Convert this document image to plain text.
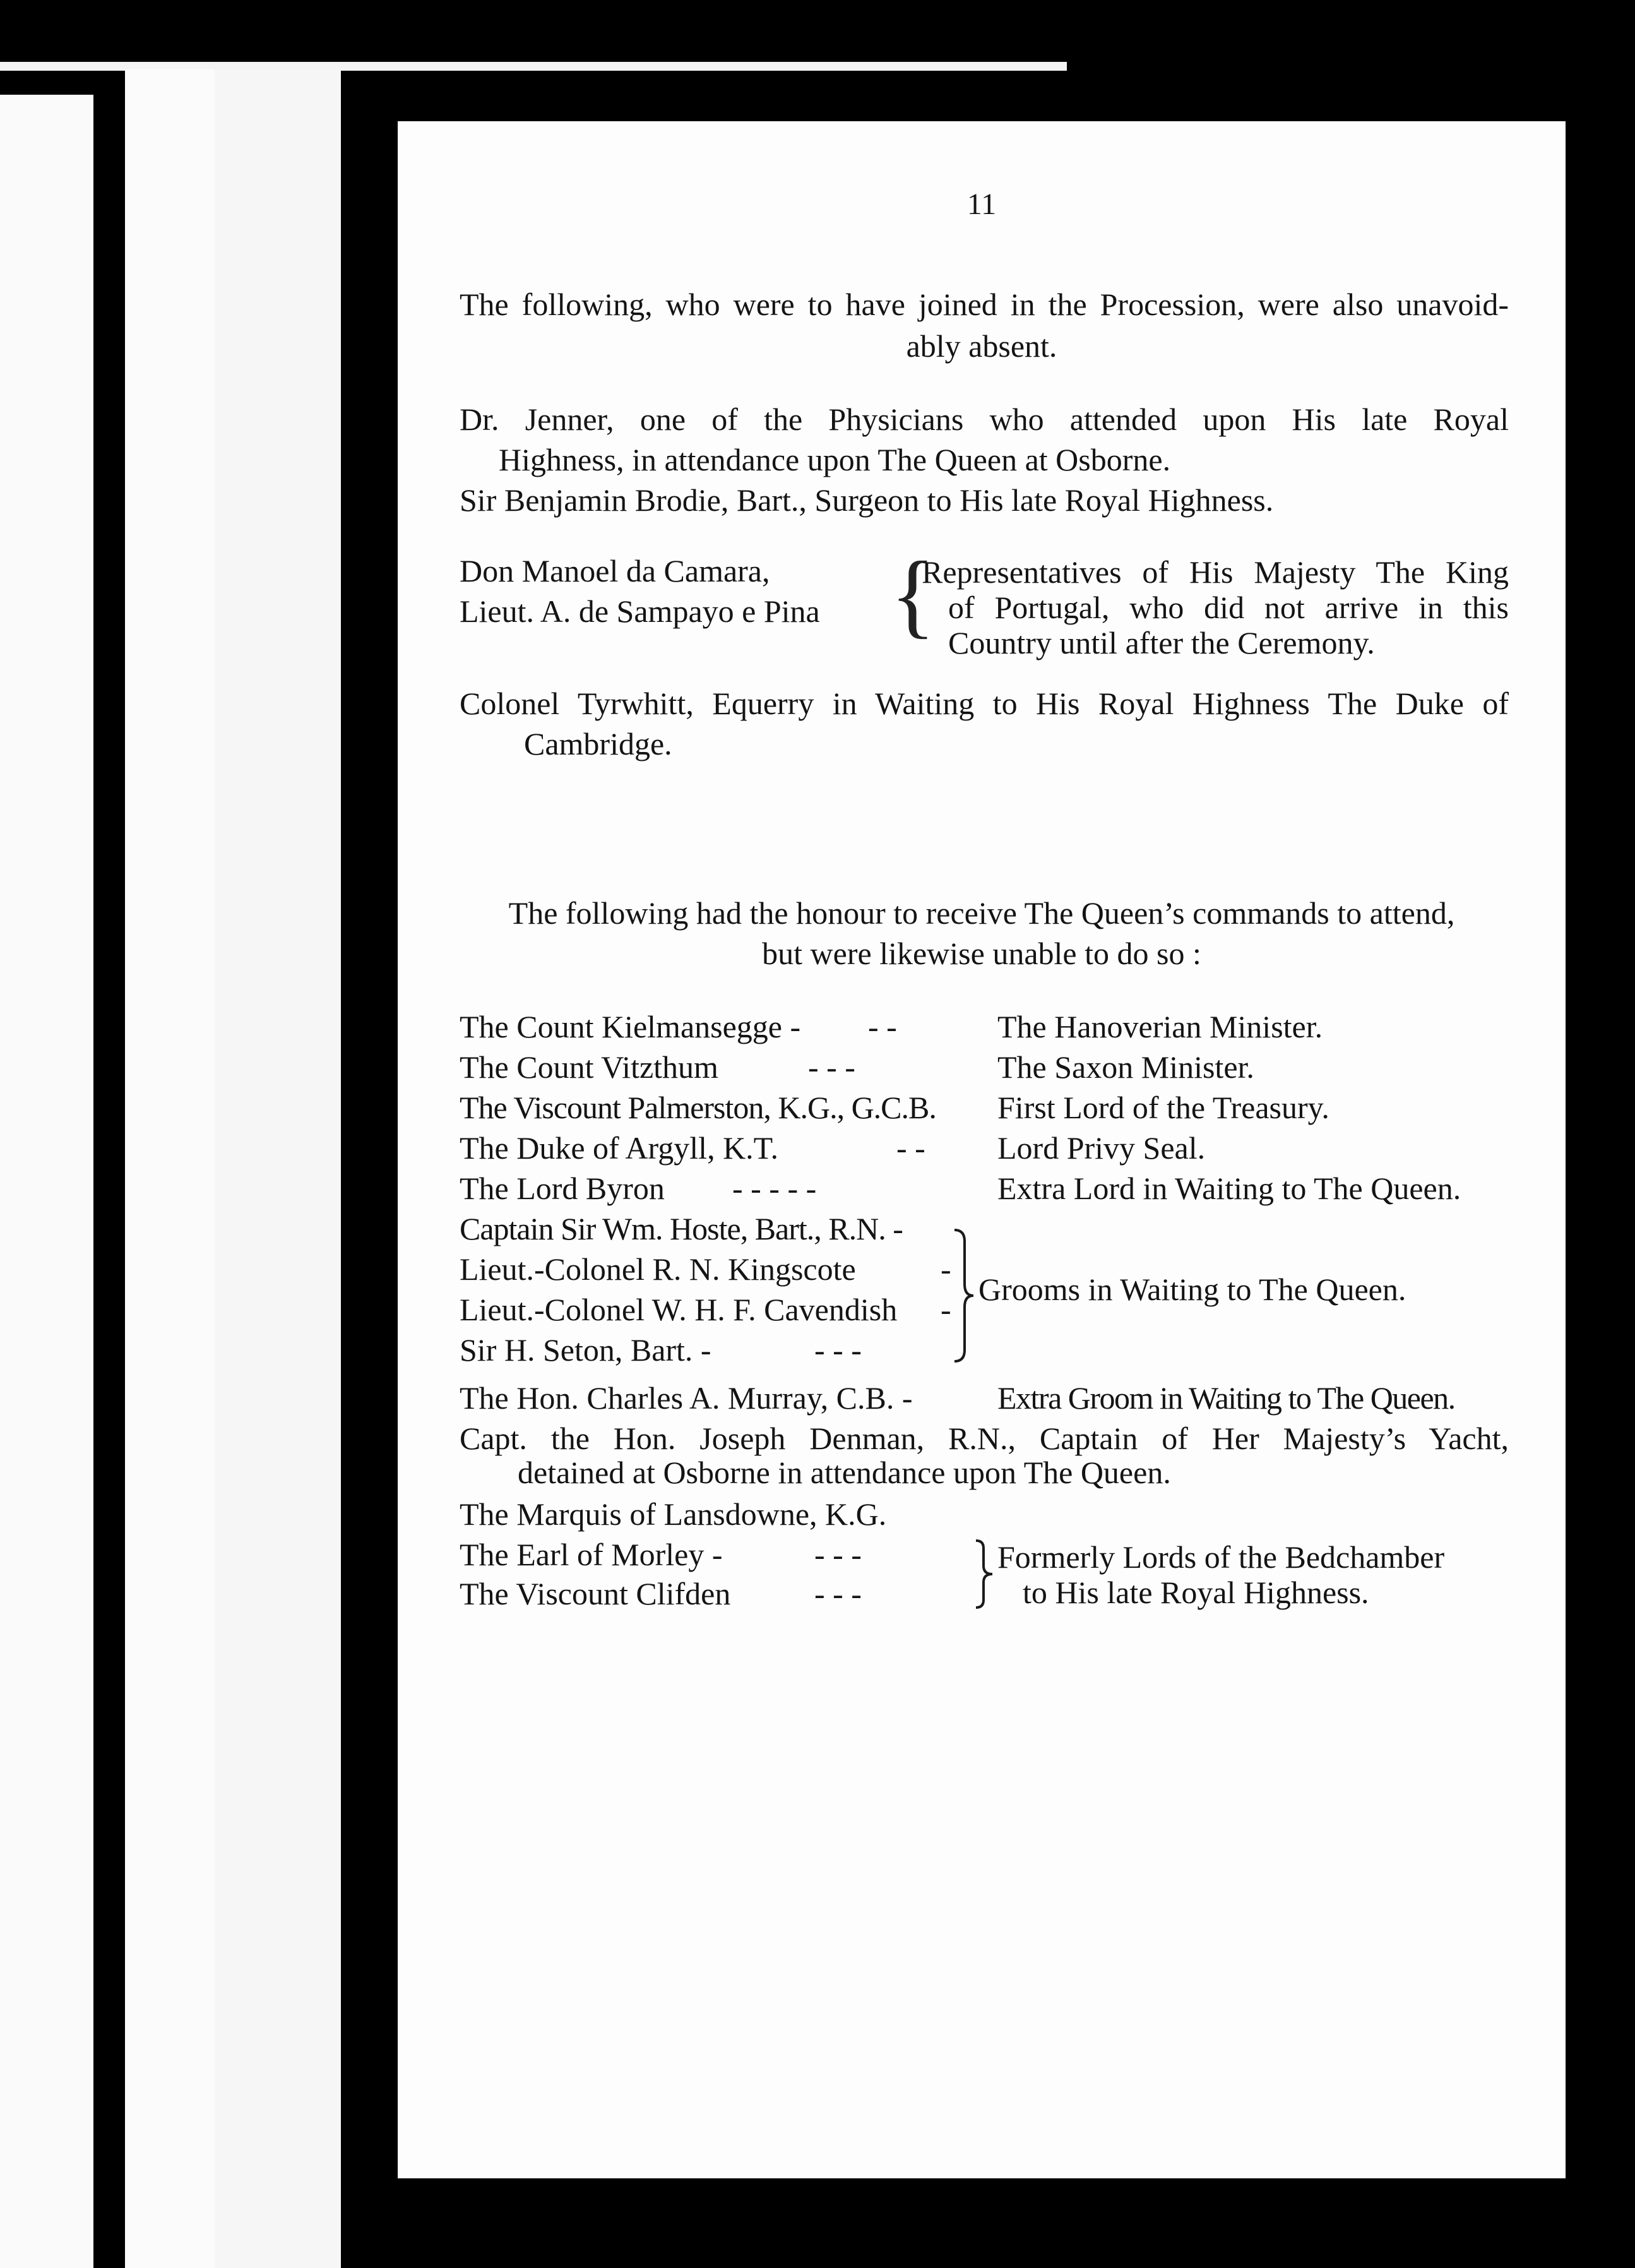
11
The following, who were to have joined in the Procession, were also unavoid-
ably absent.
Dr. Jenner, one of the Physicians who attended upon His late Royal
Highness, in attendance upon The Queen at Osborne.
Sir Benjamin Brodie, Bart., Surgeon to His late Royal Highness.
Don Manoel da Camara,
Lieut. A. de Sampayo e Pina {
Representatives of His Majesty The King
of Portugal, who did not arrive in this
Country until after the Ceremony.
Colonel Tyrwhitt, Equerry in Waiting to His Royal Highness The Duke of
Cambridge.
The following had the honour to receive The Queen’s commands to attend,
but were likewise unable to do so :
The Count Kielmansegge - - -	The Hanoverian Minister.
The Count Vitzthum	- - -	The Saxon Minister.
The Viscount Palmerston, K.G., G.C.B. First Lord of the Treasury.
The Duke of Argyll, K.T.	- - Lord Privy Seal.
The Lord Byron - - - - -	Extra Lord in Waiting to The Queen.
Captain Sir Wm. Hoste, Bart., R.N. -
Lieut.-Colonel R. N. Kingscote	-
Lieut.-Colonel W. H. F. Cavendish -
Sir H. Seton, Bart. -	- - -
Grooms in Waiting to The Queen.
The Hon. Charles A. Murray, C.B. -	Extra Groom in Waiting to The Queen.
Capt. the Hon. Joseph Denman, R.N., Captain of Her Majesty’s Yacht,
detained at Osborne in attendance upon The Queen.
The Marquis of Lansdowne, K.G.
The Earl of Morley -	- - -
The Viscount Clifden	- - -
Formerly Lords of the Bedchamber
to His late Royal Highness.
